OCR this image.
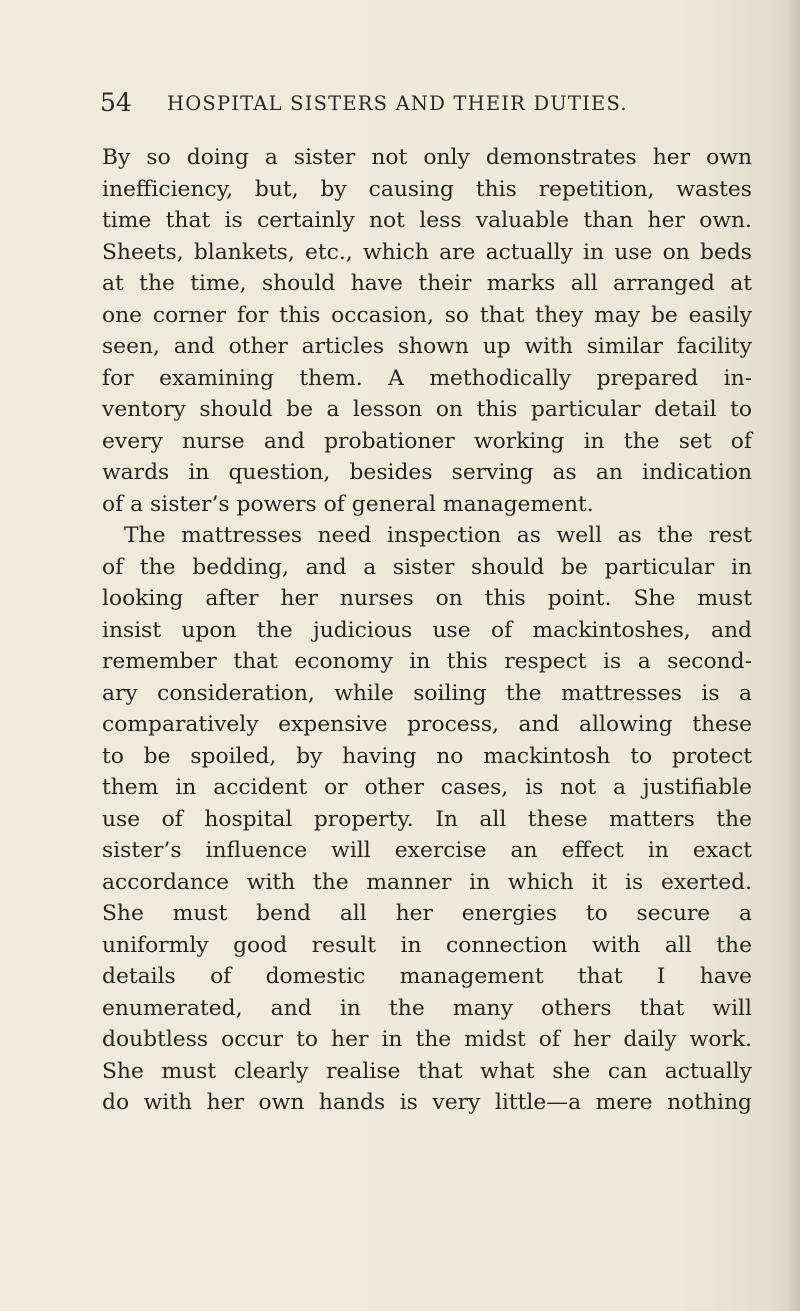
54 HOSPITAL SISTERS AND THEIR DUTIES.
By so doing a sister not only demonstrates her own
inefficiency, but, by causing this repetition, wastes
time that is certainly not less valuable than her own.
Sheets, blankets, etc., which are actually in use on beds
at the time, should have their marks all arranged at
one corner for this occasion, so that they may be easily
seen, and other articles shown up with similar facility
for examining them. A methodically prepared in-
ventory should be a lesson on this particular detail to
every nurse and probationer working in the set of
wards in question, besides serving as an indication
of a sister’s powers of general management.
The mattresses need inspection as well as the rest
of the bedding, and a sister should be particular in
looking after her nurses on this point. She must
insist upon the judicious use of mackintoshes, and
remember that economy in this respect is a second-
ary consideration, while soiling the mattresses is a
comparatively expensive process, and allowing these
to be spoiled, by having no mackintosh to protect
them in accident or other cases, is not a justifiable
use of hospital property. In all these matters the
sister’s influence will exercise an effect in exact
accordance with the manner in which it is exerted.
She must bend all her energies to secure a
uniformly good result in connection with all the
details of domestic management that I have
enumerated, and in the many others that will
doubtless occur to her in the midst of her daily work.
She must clearly realise that what she can actually
do with her own hands is very little—a mere nothing
